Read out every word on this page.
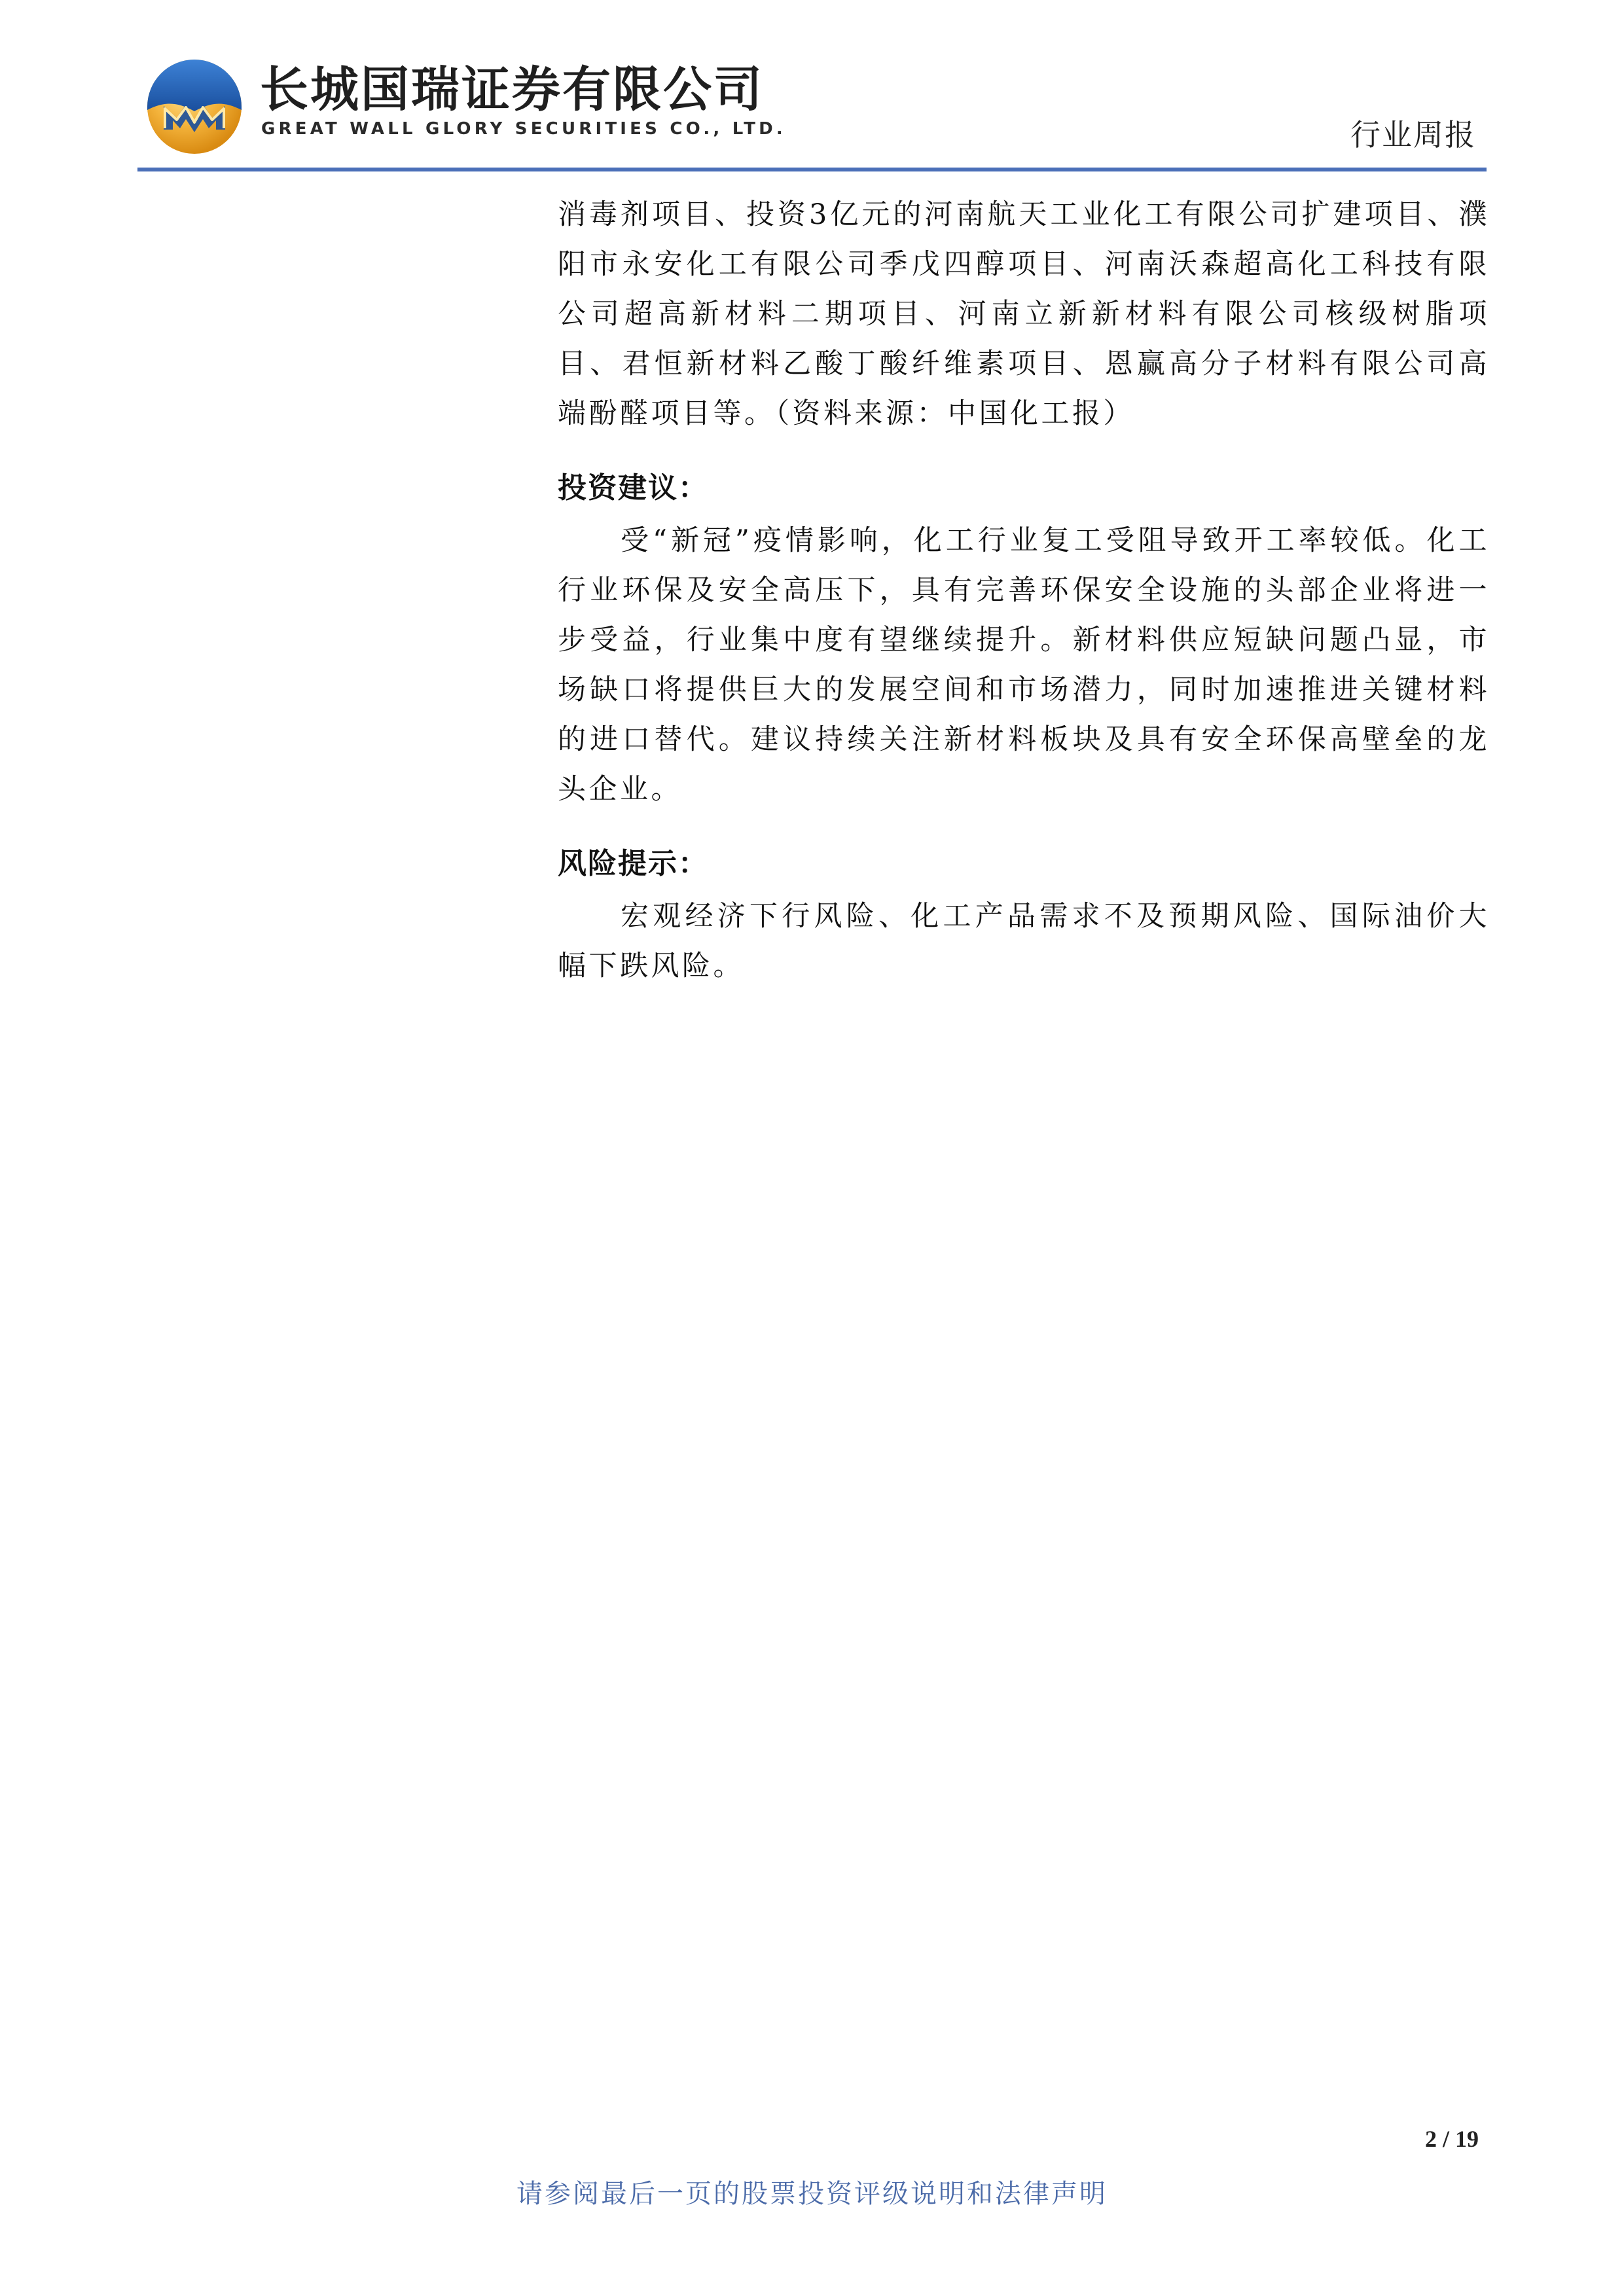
长城国瑞证券有限公司
GREAT WALL GLORY SECURITIES CO., LTD.	行业周报

消毒剂项目、投资3亿元的河南航天工业化工有限公司扩建项目、濮阳市永安化工有限公司季戊四醇项目、河南沃森超高化工科技有限公司超高新材料二期项目、河南立新新材料有限公司核级树脂项目、君恒新材料乙酸丁酸纤维素项目、恩赢高分子材料有限公司高端酚醛项目等。（资料来源：中国化工报）

投资建议：

受“新冠”疫情影响，化工行业复工受阻导致开工率较低。化工行业环保及安全高压下，具有完善环保安全设施的头部企业将进一步受益，行业集中度有望继续提升。新材料供应短缺问题凸显，市场缺口将提供巨大的发展空间和市场潜力，同时加速推进关键材料的进口替代。建议持续关注新材料板块及具有安全环保高壁垒的龙头企业。

风险提示：

宏观经济下行风险、化工产品需求不及预期风险、国际油价大幅下跌风险。

2 / 19
请参阅最后一页的股票投资评级说明和法律声明
